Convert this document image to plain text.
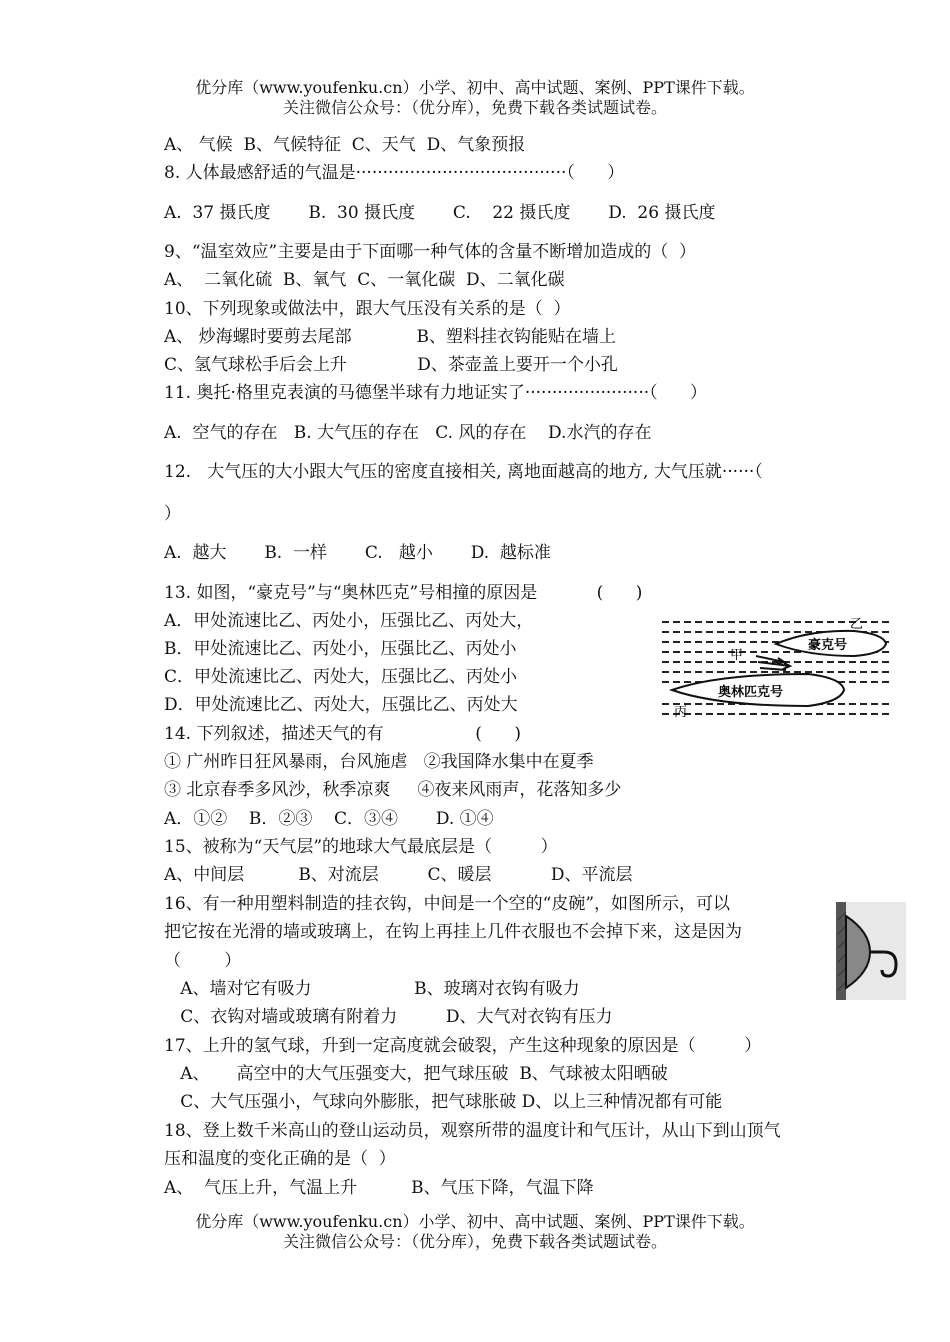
优分库（www.youfenku.cn）小学、初中、高中试题、案例、PPT课件下载。
关注微信公众号：（优分库），免费下载各类试题试卷。
A、 气候  B、气候特征  C、天气  D、气象预报
8. 人体最感舒适的气温是·······································（      ）
A.  37 摄氏度       B.  30 摄氏度       C.    22 摄氏度       D.  26 摄氏度
9、“温室效应”主要是由于下面哪一种气体的含量不断增加造成的（  ）
A、  二氧化硫  B、氧气  C、一氧化碳  D、二氧化碳
10、下列现象或做法中，跟大气压没有关系的是（  ）
A、 炒海螺时要剪去尾部            B、塑料挂衣钩能贴在墙上
C、氢气球松手后会上升             D、茶壶盖上要开一个小孔
11. 奥托·格里克表演的马德堡半球有力地证实了·······················（      ）
A.  空气的存在   B. 大气压的存在   C. 风的存在    D.水汽的存在
12.   大气压的大小跟大气压的密度直接相关, 离地面越高的地方, 大气压就······（
）
A.  越大       B.  一样       C.   越小       D.  越标准
13. 如图，“豪克号”与“奥林匹克”号相撞的原因是           (      )
A．甲处流速比乙、丙处小，压强比乙、丙处大，
B．甲处流速比乙、丙处小，压强比乙、丙处小
C．甲处流速比乙、丙处大，压强比乙、丙处小
D．甲处流速比乙、丙处大，压强比乙、丙处大
14. 下列叙述，描述天气的有                 (      )
① 广州昨日狂风暴雨，台风施虐   ②我国降水集中在夏季
③ 北京春季多风沙，秋季凉爽     ④夜来风雨声，花落知多少
A．①②    B．②③    C．③④       D. ①④
15、被称为“天气层”的地球大气最底层是（         ）
A、中间层          B、对流层         C、暖层           D、平流层
16、有一种用塑料制造的挂衣钩，中间是一个空的“皮碗”，如图所示，可以
把它按在光滑的墙或玻璃上，在钩上再挂上几件衣服也不会掉下来，这是因为
（        ）
A、墙对它有吸力                   B、玻璃对衣钩有吸力
C、衣钩对墙或玻璃有附着力         D、大气对衣钩有压力
17、上升的氢气球，升到一定高度就会破裂，产生这种现象的原因是（         ）
A、     高空中的大气压强变大，把气球压破  B、气球被太阳晒破
C、大气压强小，气球向外膨胀，把气球胀破 D、以上三种情况都有可能
18、登上数千米高山的登山运动员，观察所带的温度计和气压计，从山下到山顶气
压和温度的变化正确的是（  ）
A、  气压上升，气温上升          B、气压下降，气温下降
豪克号
奥林匹克号
乙
甲
丙
优分库（www.youfenku.cn）小学、初中、高中试题、案例、PPT课件下载。
关注微信公众号：（优分库），免费下载各类试题试卷。
